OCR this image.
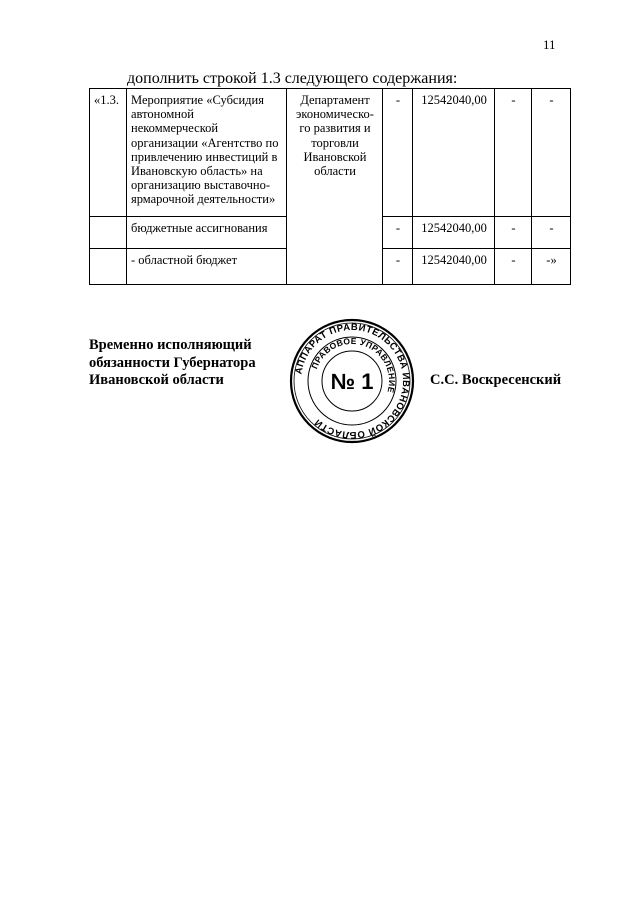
11
дополнить строкой 1.3 следующего содержания:
«1.3.	Мероприятие «Субсидия автономной некоммерческой организации «Агентство по привлечению инвестиций в Ивановскую область» на организацию выставочно-ярмарочной деятельности»	Департамент экономическо-го развития и торговли Ивановской области	-	12542040,00	-	-
	бюджетные ассигнования		-	12542040,00	-	-
	- областной бюджет		-	12542040,00	-	-»
Временно исполняющий
обязанности Губернатора
Ивановской области
АППАРАТ ПРАВИТЕЛЬСТВА ИВАНОВСКОЙ ОБЛАСТИ
ПРАВОВОЕ УПРАВЛЕНИЕ
№ 1	С.С. Воскресенский
